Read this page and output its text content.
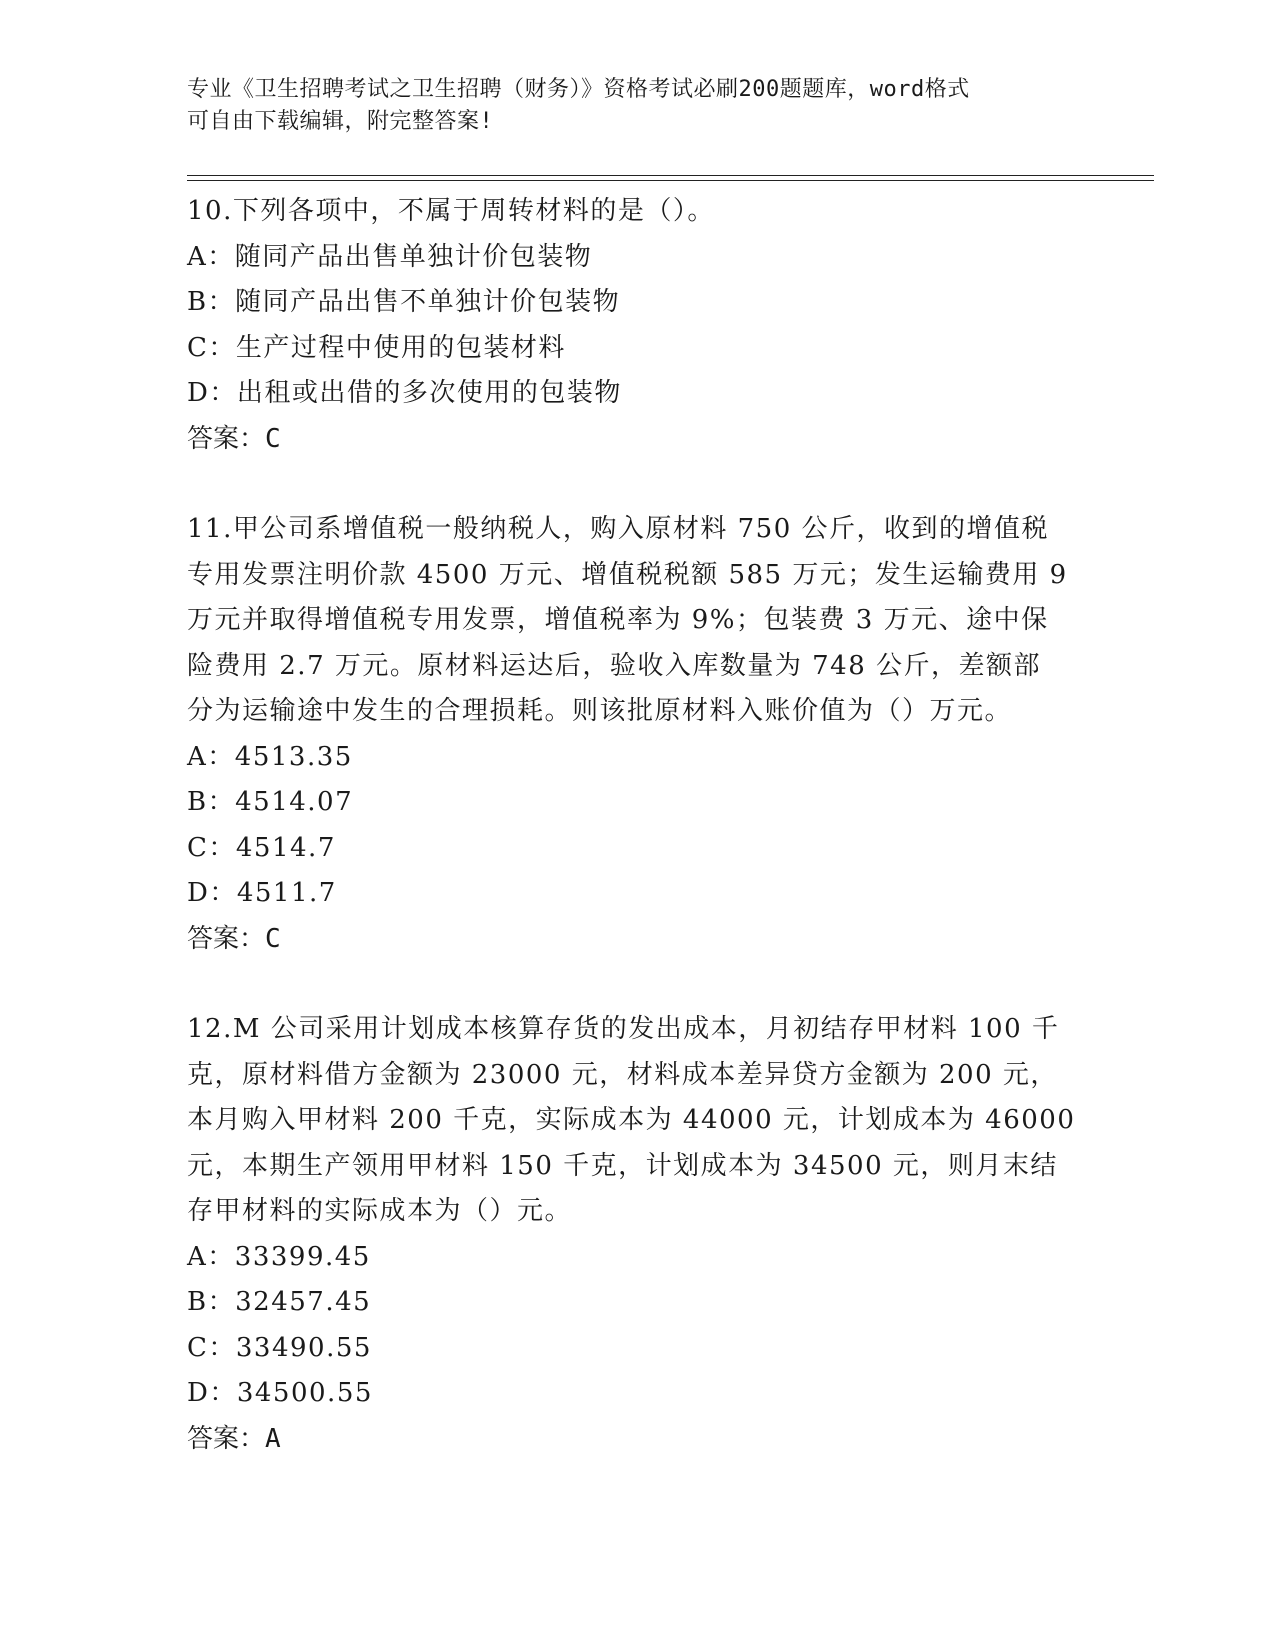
专业《卫生招聘考试之卫生招聘（财务）》资格考试必刷200题题库，word格式
可自由下载编辑，附完整答案!
10.下列各项中，不属于周转材料的是（）。
A：随同产品出售单独计价包装物
B：随同产品出售不单独计价包装物
C：生产过程中使用的包装材料
D：出租或出借的多次使用的包装物
答案：C
11.甲公司系增值税一般纳税人，购入原材料 750 公斤，收到的增值税
专用发票注明价款 4500 万元、增值税税额 585 万元；发生运输费用 9
万元并取得增值税专用发票，增值税率为 9%；包装费 3 万元、途中保
险费用 2.7 万元。原材料运达后，验收入库数量为 748 公斤，差额部
分为运输途中发生的合理损耗。则该批原材料入账价值为（）万元。
A：4513.35
B：4514.07
C：4514.7
D：4511.7
答案：C
12.M 公司采用计划成本核算存货的发出成本，月初结存甲材料 100 千
克，原材料借方金额为 23000 元，材料成本差异贷方金额为 200 元，
本月购入甲材料 200 千克，实际成本为 44000 元，计划成本为 46000
元，本期生产领用甲材料 150 千克，计划成本为 34500 元，则月末结
存甲材料的实际成本为（）元。
A：33399.45
B：32457.45
C：33490.55
D：34500.55
答案：A
